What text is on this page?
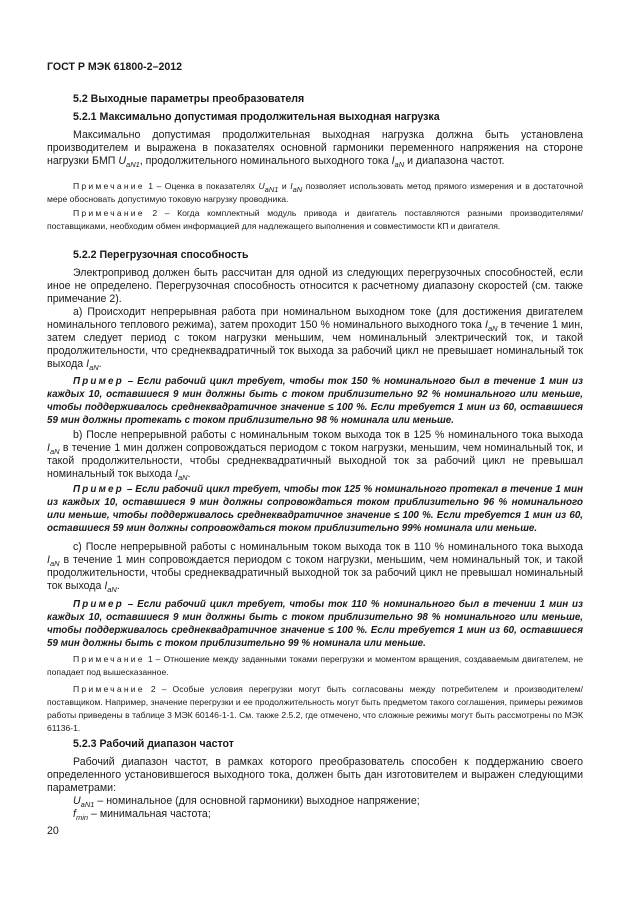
ГОСТ Р МЭК 61800-2–2012
5.2 Выходные параметры преобразователя
5.2.1 Максимально допустимая продолжительная выходная нагрузка

Максимально допустимая продолжительная выходная нагрузка должна быть установлена производителем и выражена в показателях основной гармоники переменного напряжения на стороне нагрузки БМП $U_{aN1}$, продолжительного номинального выходного тока $I_{aN}$ и диапазона частот.

Примечание 1 – Оценка в показателях $U_{aN1}$ и $I_{aN}$ позволяет использовать метод прямого измерения и в достаточной мере обосновать допустимую токовую нагрузку проводника.

Примечание 2 – Когда комплектный модуль привода и двигатель поставляются разными производителями/поставщиками, необходим обмен информацией для надлежащего выполнения и совместимости КП и двигателя.

5.2.2 Перегрузочная способность

Электропривод должен быть рассчитан для одной из следующих перегрузочных способностей, если иное не определено. Перегрузочная способность относится к расчетному диапазону скоростей (см. также примечание 2).

a) Происходит непрерывная работа при номинальном выходном токе (для достижения двигателем номинального теплового режима), затем проходит 150 % номинального выходного тока $I_{aN}$ в течение 1 мин, затем следует период с током нагрузки меньшим, чем номинальный электрический ток, и такой продолжительности, что среднеквадратичный ток выхода за рабочий цикл не превышает номинальный ток выхода $I_{aN}$.

Пример – Если рабочий цикл требует, чтобы ток 150 % номинального был в течение 1 мин из каждых 10, оставшиеся 9 мин должны быть с током приблизительно 92 % номинального или меньше, чтобы поддерживалось среднеквадратичное значение ≤ 100 %. Если требуется 1 мин из 60, оставшиеся 59 мин должны протекать с током приблизительно 98 % номинала или меньше.

b) После непрерывной работы с номинальным током выхода ток в 125 % номинального тока выхода $I_{aN}$ в течение 1 мин должен сопровождаться периодом с током нагрузки, меньшим, чем номинальный ток, и такой продолжительности, чтобы среднеквадратичный выходной ток за рабочий цикл не превышал номинальный ток выхода $I_{aN}$.

Пример – Если рабочий цикл требует, чтобы ток 125 % номинального протекал в течение 1 мин из каждых 10, оставшиеся 9 мин должны сопровождаться током приблизительно 96 % номинального или меньше, чтобы поддерживалось среднеквадратичное значение ≤ 100 %. Если требуется 1 мин из 60, оставшиеся 59 мин должны сопровождаться током приблизительно 99% номинала или меньше.

c) После непрерывной работы с номинальным током выхода ток в 110 % номинального тока выхода $I_{aN}$ в течение 1 мин сопровождается периодом с током нагрузки, меньшим, чем номинальный ток, и такой продолжительности, чтобы среднеквадратичный выходной ток за рабочий цикл не превышал номинальный ток выхода $I_{aN}$.

Пример – Если рабочий цикл требует, чтобы ток 110 % номинального был в течении 1 мин из каждых 10, оставшиеся 9 мин должны быть с током приблизительно 98 % номинального или меньше, чтобы поддерживалось среднеквадратичное значение ≤ 100 %. Если требуется 1 мин из 60, оставшиеся 59 мин должны быть с током приблизительно 99 % номинала или меньше.

Примечание 1 – Отношение между заданными токами перегрузки и моментом вращения, создаваемым двигателем, не попадает под вышесказанное.

Примечание 2 – Особые условия перегрузки могут быть согласованы между потребителем и производителем/поставщиком. Например, значение перегрузки и ее продолжительность могут быть предметом такого соглашения, примеры режимов работы приведены в таблице 3 МЭК 60146-1-1. См. также 2.5.2, где отмечено, что сложные режимы могут быть рассмотрены по МЭК 61136-1.

5.2.3 Рабочий диапазон частот

Рабочий диапазон частот, в рамках которого преобразователь способен к поддержанию своего определенного установившегося выходного тока, должен быть дан изготовителем и выражен следующими параметрами:

$U_{aN1}$ – номинальное (для основной гармоники) выходное напряжение;

$f_{min}$ – минимальная частота;

20
